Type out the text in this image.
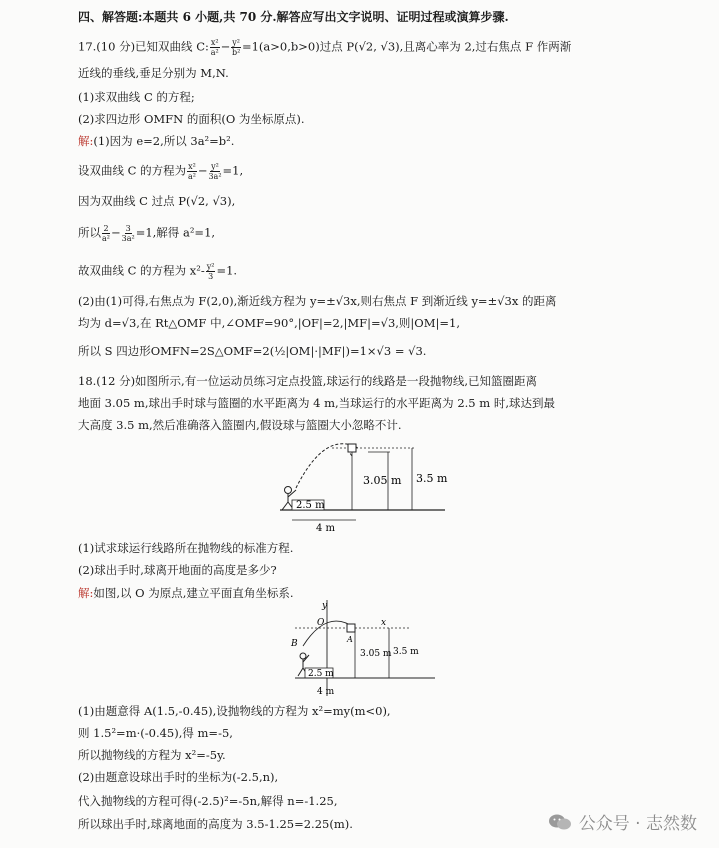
四、解答题:本题共 6 小题,共 70 分.解答应写出文字说明、证明过程或演算步骤.
17.(10 分)已知双曲线 C: $\frac{\text{x²}}{\text{a²}} - \frac{\text{y²}}{\text{b²}} =1(a>0,b>0)$过点 P(√2, √3),且离心率为 2,过右焦点 F 作两渐
近线的垂线,垂足分别为 M,N.
(1)求双曲线 C 的方程;
(2)求四边形 OMFN 的面积(O 为坐标原点).
解:(1)因为 e=2,所以 3a²=b².
设双曲线 C 的方程为 $\frac{\text{x²}}{\text{a²}} - \frac{\text{y²}}{\text{3a²}} =1$,
因为双曲线 C 过点 P(√2, √3),
所以 $\frac{2}{\text{a²}} - \frac{3}{\text{3a²}} =1$,解得 a²=1,
故双曲线 C 的方程为 $x^2- \frac{\text{y²}}{3} =1$.
(2)由(1)可得,右焦点为 F(2,0),渐近线方程为 y=±√3x,则右焦点 F 到渐近线 y=±√3x 的距离
均为 d=√3,在 Rt△OMF 中,∠OMF=90°,|OF|=2,|MF|=√3,则|OM|=1,
所以 S 四边形OMFN=2S△OMF=2(½|OM|·|MF|)=1×√3 = √3.
18.(12 分)如图所示,有一位运动员练习定点投篮,球运行的线路是一段抛物线,已知篮圈距离
地面 3.05 m,球出手时球与篮圈的水平距离为 4 m,当球运行的水平距离为 2.5 m 时,球达到最
大高度 3.5 m,然后准确落入篮圈内,假设球与篮圈大小忽略不计.
3.05 m 3.5 m
2.5 m
4 m
(1)试求球运行线路所在抛物线的标准方程.
(2)球出手时,球离开地面的高度是多少?
解:如图,以 O 为原点,建立平面直角坐标系.
y
x
O
A
B
3.05 m 3.5 m
2.5 m
4 m
(1)由题意得 A(1.5,-0.45),设抛物线的方程为 x²=my(m<0),
则 1.5²=m·(-0.45),得 m=-5,
所以抛物线的方程为 x²=-5y.
(2)由题意设球出手时的坐标为(-2.5,n),
代入抛物线的方程可得(-2.5)²=-5n,解得 n=-1.25,
所以球出手时,球离地面的高度为 3.5-1.25=2.25(m).	公众号 · 志然数
